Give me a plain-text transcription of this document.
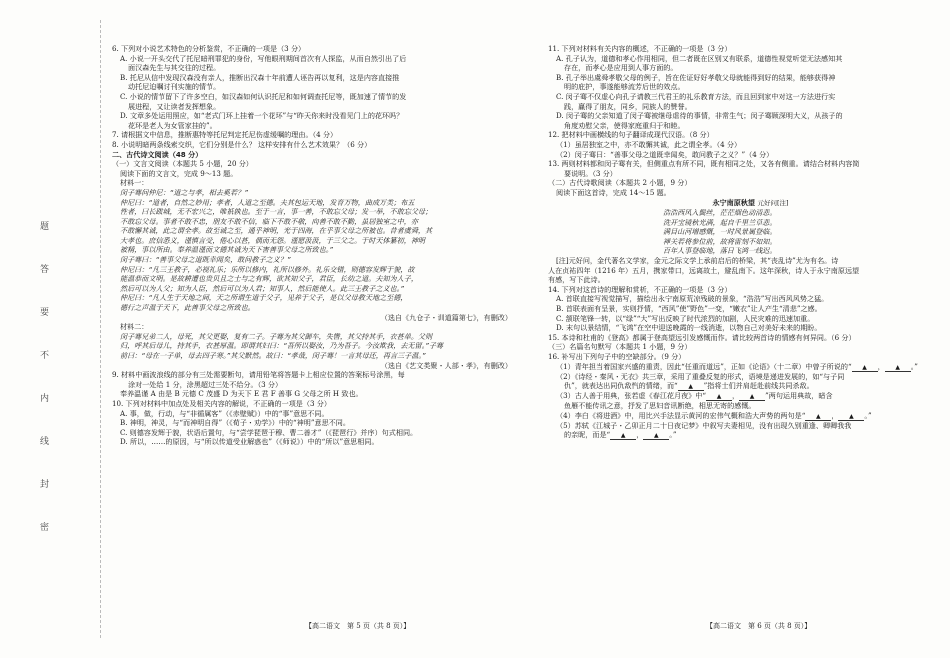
题
答
要
不
内
线
封
密

6. 下列对小说艺术特色的分析鉴赏，不正确的一项是（3 分）

A. 小说一开头交代了托尼暗刑罪犯的身份，写他眼刑期间首次有人探监，从而自然引出了后

面汉森先生与其交往的过程。

B. 托尼从信中发现汉森没有亲人，推断出汉森十年前遭人诬告再以复利，这是内容直接推

动托尼迫嘱讨刊实施的情节。

C. 小说的情节留下了许多空白，如汉森如何认识托尼和如何调查托尼等，既加速了情节的发

展进程，又让读者发挥想象。

D. 文章多处运用照应，如“老式门环上挂着一个花环”与“昨天你来时没看见门上的花环吗？

花环是老人为女管家挂的”。

7. 请根据文中信息，推断惠特等托尼判定托尼伤虚缓嘱的理由。（4 分）

8. 小说明暗两条线索交织，它们分别是什么？ 这样安排有什么艺术效果？（6 分）

二、古代诗文阅读（48 分）

（一）文言文阅读（本题共 5 小题，20 分）

阅读下面的文言文，完成 9～13 题。

材料一：

闵子骞问仲尼：“道之与孝，相去奚若？”

仲尼曰：“道者，自然之妙用；孝者，人道之至德。夫其包运天地，发育万物，曲成万类；布五

性者，曰长跋城，无不宏兴之，唯祇孰也。至于一言，事一善，不敢忘父母；发一举，不敢忘父母；

不敢忘父母。事者不敢不忠，朋友不敢不信，临下不敢不敬，向善不敢不勤，虽居独室之中，亦

不敢懈其诚，此之谓全孝。故至诚之至，通乎神明，光于四海，在乎事父母之所被也。昔者虞舜，其

大孝也。庶信悉义，谨慎言受，倦心以甚，偶而无怨。谨愿汲汲，于三父之。于时天体纂初，神明

被精，事以所由。奉养温谨而文德其诚为天下害善事父母之所致也。”

闵子骞曰：“善事父母之道既幸闻矣，敢问教子之义？”

仲尼曰：“凡三王教子，必视礼乐；乐所以修内，礼所以修外。礼乐交错，则德容发辉于貌，故

能温恭而文明。是故耕遭也贵贝且之士与之有辉，欲其知父子，君臣，长幼之道。夫知为人子，

然后可以为人父；知为人臣，然后可以为人君；知事人，然后能使人。此三王教子之义也。”

仲尼曰：“凡人生于天地之间，天之所谓生道于父子，见养于父子，是以父母教天地之至德，

德行之声温于天下，此善事父母之所致也。

（选自《九仓子・训道篇第七》，有删改）

材料二：

闵子骞兄弟二人，母死，其父更娶，复有二子。子骞为其父御车，失辔，其父持其手，衣甚单。父则

归，呼其后母儿，持其手，衣甚厚温。即谓其妇曰：“吾所以娶汝，乃为吾子。今汝欺我，去无留。”子骞

前曰：“母在一子单，母去四子寒。”其父默然。故曰：“孝哉，闵子骞！一言其母还，再言三子温。”

（选自《艺文类聚・人部・孝》，有删改）

9. 材料中画波浪线的部分有三处需要断句，请用铅笔将答题卡上相应位置的答案标号涂黑，每

涂对一处给 1 分，涂黑超过三处不给分。（3 分）

奉养温谨 A 由是 B 元德 C 茂盛 D 为天下 E 君 F 善事 G 父母之所 H 致也。

10. 下列对材料中加点处及相关内容的解说，不正确的一项是（3 分）

A. 事，做，行动，与“非循属客”（《赤壁赋》）中的“事”意思不同。

B. 神明，神灵，与“而神明自得”（《荀子・劝学》）中的“神明”意思不同。

C. 则德容发辉于貌，状语后置句，与“尝学琵琶于穆、曹二善才”（《琵琶行》并序）句式相同。

D. 所以，……的原因，与“所以传道受业解惑也”（《师说》）中的“所以”意思相同。

11. 下列对材料有关内容的概述，不正确的一项是（3 分）

A. 孔子认为，道德和孝心作用相同，但二者既在区别又有联系，道德性视觉听觉无法感知其

存在，而孝心是应用到人事方面的。

B. 孔子举出虞舜孝敬父母的例子，旨在佐证好好孝敬父母就能得到好的结果，能够获得神

明的庇护，事遂能够流芳后世的效点。

C. 闵子骞不仅虚心向孔子请教三代君王的礼乐教育方法，而且回到家中对这一方法进行实

践，赢得了朋友，同乡，同族人的赞誉。

D. 闵子骞的父亲知道了闵子骞被继母虐待的事情，非常生气；闵子骞顾深明大义，从孩子的

角度劝慰父亲，使得家庭重归于和睦。

12. 把材料中画横线的句子翻译成现代汉语。（8 分）

（1）虽居独室之中，亦不敢懈其诚，此之谓全孝。（4 分）

（2）闵子骞曰：“善事父母之道既幸闻矣，敢问教子之义？”（4 分）

13. 两则材料都和闵子骞有关，但侧重点有所不同，既有相同之处，又各有侧重。请结合材料内容简

要说明。（3 分）

（二）古代诗歌阅读（本题共 2 小题，9 分）

阅读下面这首诗，完成 14～15 题。

永宁南原秋望 元好问[注]

浩浩西风入鬓丝，茫茫烟色动清悲。

洗开宝镜秋光满，起自千里兰草悲。

满目山河增感慨，一时风景属登临。

禅关若将参位前，故将雷刻不如知。

百年人事登临地，落日飞鸿一线迟。

[注]元好问，金代著名文学家，金元之际文学上承前启后的桥梁，其“丧乱诗”尤为有名。诗

人在贞祐四年（1216 年）五月，携家带口，远离故土，避乱南下。这年深秋，诗人于永宁南原远望

有感，写下此诗。

14. 下列对这首诗的理解和赏析，不正确的一项是（3 分）

A. 首联直接写视觉描写，描绘出永宁南原荒凉残破的景象，“浩浩”写出西风风势之猛。

B. 首联表面有呈景，实则抒情，“西风”使”野色”一变，“嫩衣”让人产生“清悲”之感。

C. 颔联笔锋一转，以“绿”“大”写出反映了时代浓烈的加剧，人民灾难的迅速加重。

D. 末句以景结情，“飞鸿”在空中迎送晚霞的一线消逝，以物自己对美好未来的期盼。

15. 本诗和杜甫的《登高》都属于登高望远引发感慨而作。请比较两首诗的情感有何异同。（6 分）

（三）名篇名句默写（本题共 1 小题，9 分）

16. 补写出下列句子中的空缺部分。（9 分）

（1）青年担当着国家兴盛的重责，因此“任重而道远”，正如《论语》（十二章）中曾子所说的“ ▲ ， ▲ 。”

（2）《诗经・秦风・无衣》共三章，采用了重叠反复的形式，语境是递进发展的，如“与子同

仇”，就表达出同仇敌忾的情绪，而“ ▲ ”指将士们并肩赶赴前线共同杀敌。

（3）古人善于用典，张若虚《春江花月夜》中“ ▲ ， ▲ ”两句运用典故，暗含

鱼雁不能传讯之意，抒发了思妇音讯断绝，相思无寄的感慨。

（4）李白《将进酒》中，用比兴手法显示黄河的宏伟气概和浩大声势的两句是“ ▲ ， ▲ 。”

（5）苏轼《江城子・乙卯正月二十日夜记梦》中叙写夫妻相见，没有出现久别重逢、卿卿我我

的亲昵，而是“ ▲ ， ▲ 。”

【高二语文　第 5 页（共 8 页）】	【高二语文　第 6 页（共 8 页）】
